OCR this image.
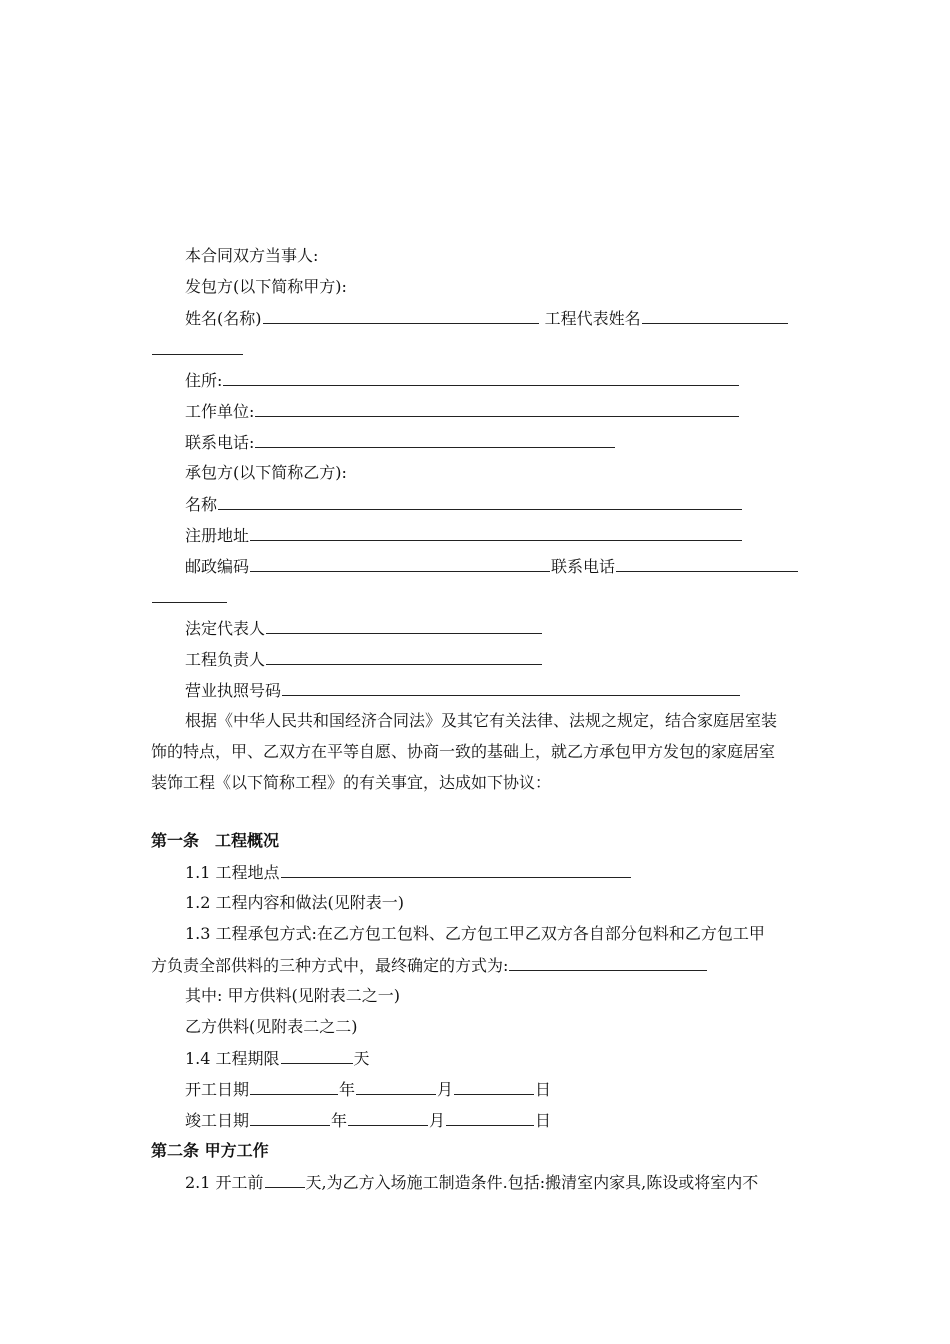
本合同双方当事人:
发包方(以下简称甲方):
姓名(名称)	工程代表姓名
住所:
工作单位:
联系电话:
承包方(以下简称乙方):
名称
注册地址
邮政编码	联系电话
法定代表人
工程负责人
营业执照号码
根据《中华人民共和国经济合同法》及其它有关法律、法规之规定，结合家庭居室装
饰的特点，甲、乙双方在平等自愿、协商一致的基础上，就乙方承包甲方发包的家庭居室
装饰工程《以下简称工程》的有关事宜，达成如下协议：
第一条　工程概况
1.1 工程地点
1.2 工程内容和做法(见附表一)
1.3 工程承包方式:在乙方包工包料、乙方包工甲乙双方各自部分包料和乙方包工甲
方负责全部供料的三种方式中，最终确定的方式为:
其中: 甲方供料(见附表二之一)
乙方供料(见附表二之二)
1.4 工程期限	天
开工日期	年	月	日
竣工日期	年	月	日
第二条 甲方工作
2.1 开工前	天,为乙方入场施工制造条件.包括:搬清室内家具,陈设或将室内不
